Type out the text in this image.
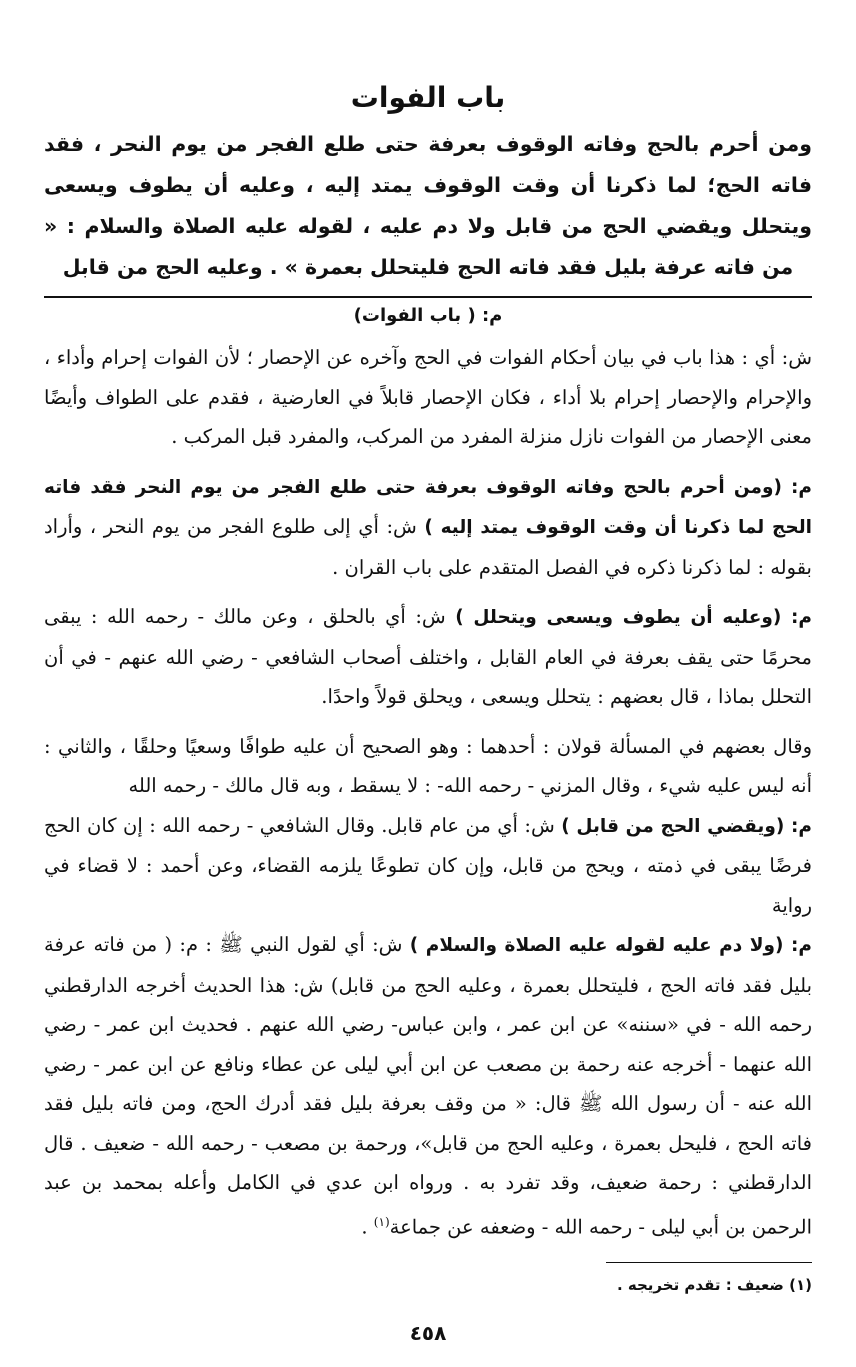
باب الفوات

ومن أحرم بالحج وفاته الوقوف بعرفة حتى طلع الفجر من يوم النحر ، فقد فاته الحج؛ لما ذكرنا أن وقت الوقوف يمتد إليه ، وعليه أن يطوف ويسعى ويتحلل ويقضي الحج من قابل ولا دم عليه ، لقوله عليه الصلاة والسلام : « من فاته عرفة بليل فقد فاته الحج فليتحلل بعمرة » . وعليه الحج من قابل

م: ( باب الفوات)

ش: أي : هذا باب في بيان أحكام الفوات في الحج وآخره عن الإحصار ؛ لأن الفوات إحرام وأداء ، والإحرام والإحصار إحرام بلا أداء ، فكان الإحصار قابلاً في العارضية ، فقدم على الطواف وأيضًا معنى الإحصار من الفوات نازل منزلة المفرد من المركب، والمفرد قبل المركب .

م: (ومن أحرم بالحج وفاته الوقوف بعرفة حتى طلع الفجر من يوم النحر فقد فاته الحج لما ذكرنا أن وقت الوقوف يمتد إليه ) ش: أي إلى طلوع الفجر من يوم النحر ، وأراد بقوله : لما ذكرنا ذكره في الفصل المتقدم على باب القران .

م: (وعليه أن يطوف ويسعى ويتحلل ) ش: أي بالحلق ، وعن مالك - رحمه الله : يبقى محرمًا حتى يقف بعرفة في العام القابل ، واختلف أصحاب الشافعي - رضي الله عنهم - في أن التحلل بماذا ، قال بعضهم : يتحلل ويسعى ، ويحلق قولاً واحدًا.

وقال بعضهم في المسألة قولان : أحدهما : وهو الصحيح أن عليه طوافًا وسعيًا وحلقًا ، والثاني : أنه ليس عليه شيء ، وقال المزني - رحمه الله- : لا يسقط ، وبه قال مالك - رحمه الله

م: (ويقضي الحج من قابل ) ش: أي من عام قابل. وقال الشافعي - رحمه الله : إن كان الحج فرضًا يبقى في ذمته ، ويحج من قابل، وإن كان تطوعًا يلزمه القضاء، وعن أحمد : لا قضاء في رواية

م: (ولا دم عليه لقوله عليه الصلاة والسلام ) ش: أي لقول النبي ﷺ : م: ( من فاته عرفة بليل فقد فاته الحج ، فليتحلل بعمرة ، وعليه الحج من قابل) ش: هذا الحديث أخرجه الدارقطني رحمه الله - في «سننه» عن ابن عمر ، وابن عباس- رضي الله عنهم . فحديث ابن عمر - رضي الله عنهما - أخرجه عنه رحمة بن مصعب عن ابن أبي ليلى عن عطاء ونافع عن ابن عمر - رضي الله عنه - أن رسول الله ﷺ قال: « من وقف بعرفة بليل فقد أدرك الحج، ومن فاته بليل فقد فاته الحج ، فليحل بعمرة ، وعليه الحج من قابل»، ورحمة بن مصعب - رحمه الله - ضعيف . قال الدارقطني : رحمة ضعيف، وقد تفرد به . ورواه ابن عدي في الكامل وأعله بمحمد بن عبد الرحمن بن أبي ليلى - رحمه الله - وضعفه عن جماعة$^{(١)}$ .

(١) ضعيف : تقدم تخريجه .
٤٥٨
